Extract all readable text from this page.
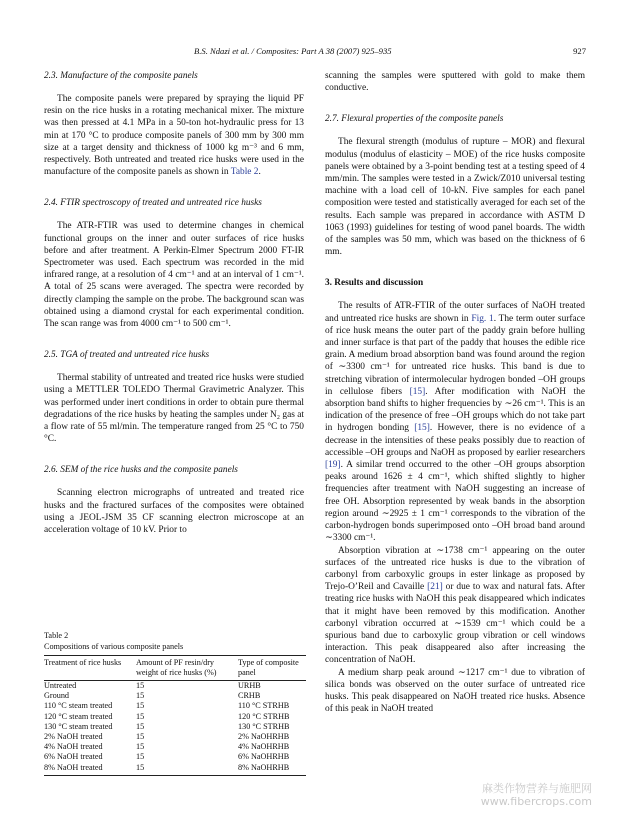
B.S. Ndazi et al. / Composites: Part A 38 (2007) 925–935	927
2.3. Manufacture of the composite panels

The composite panels were prepared by spraying the liquid PF resin on the rice husks in a rotating mechanical mixer. The mixture was then pressed at 4.1 MPa in a 50-ton hot-hydraulic press for 13 min at 170 °C to produce composite panels of 300 mm by 300 mm size at a target density and thickness of 1000 kg m⁻³ and 6 mm, respectively. Both untreated and treated rice husks were used in the manufacture of the composite panels as shown in Table 2.

2.4. FTIR spectroscopy of treated and untreated rice husks

The ATR-FTIR was used to determine changes in chemical functional groups on the inner and outer surfaces of rice husks before and after treatment. A Perkin-Elmer Spectrum 2000 FT-IR Spectrometer was used. Each spectrum was recorded in the mid infrared range, at a resolution of 4 cm⁻¹ and at an interval of 1 cm⁻¹. A total of 25 scans were averaged. The spectra were recorded by directly clamping the sample on the probe. The background scan was obtained using a diamond crystal for each experimental condition. The scan range was from 4000 cm⁻¹ to 500 cm⁻¹.

2.5. TGA of treated and untreated rice husks

Thermal stability of untreated and treated rice husks were studied using a METTLER TOLEDO Thermal Gravimetric Analyzer. This was performed under inert conditions in order to obtain pure thermal degradations of the rice husks by heating the samples under N₂ gas at a flow rate of 55 ml/min. The temperature ranged from 25 °C to 750 °C.

2.6. SEM of the rice husks and the composite panels

Scanning electron micrographs of untreated and treated rice husks and the fractured surfaces of the composites were obtained using a JEOL-JSM 35 CF scanning electron microscope at an acceleration voltage of 10 kV. Prior to

Table 2
Compositions of various composite panels
Treatment of rice husks	Amount of PF resin/dry weight of rice husks (%)	Type of composite panel
Untreated	15	URHB
Ground	15	CRHB
110 °C steam treated	15	110 °C STRHB
120 °C steam treated	15	120 °C STRHB
130 °C steam treated	15	130 °C STRHB
2% NaOH treated	15	2% NaOHRHB
4% NaOH treated	15	4% NaOHRHB
6% NaOH treated	15	6% NaOHRHB
8% NaOH treated	15	8% NaOHRHB

scanning the samples were sputtered with gold to make them conductive.

2.7. Flexural properties of the composite panels

The flexural strength (modulus of rupture – MOR) and flexural modulus (modulus of elasticity – MOE) of the rice husks composite panels were obtained by a 3-point bending test at a testing speed of 4 mm/min. The samples were tested in a Zwick/Z010 universal testing machine with a load cell of 10-kN. Five samples for each panel composition were tested and statistically averaged for each set of the results. Each sample was prepared in accordance with ASTM D 1063 (1993) guidelines for testing of wood panel boards. The width of the samples was 50 mm, which was based on the thickness of 6 mm.

3. Results and discussion

The results of ATR-FTIR of the outer surfaces of NaOH treated and untreated rice husks are shown in Fig. 1. The term outer surface of rice husk means the outer part of the paddy grain before hulling and inner surface is that part of the paddy that houses the edible rice grain. A medium broad absorption band was found around the region of ∼3300 cm⁻¹ for untreated rice husks. This band is due to stretching vibration of intermolecular hydrogen bonded –OH groups in cellulose fibers [15]. After modification with NaOH the absorption band shifts to higher frequencies by ∼26 cm⁻¹. This is an indication of the presence of free –OH groups which do not take part in hydrogen bonding [15]. However, there is no evidence of a decrease in the intensities of these peaks possibly due to reaction of accessible –OH groups and NaOH as proposed by earlier researchers [19]. A similar trend occurred to the other –OH groups absorption peaks around 1626 ± 4 cm⁻¹, which shifted slightly to higher frequencies after treatment with NaOH suggesting an increase of free OH. Absorption represented by weak bands in the absorption region around ∼2925 ± 1 cm⁻¹ corresponds to the vibration of the carbon-hydrogen bonds superimposed onto –OH broad band around ∼3300 cm⁻¹.

Absorption vibration at ∼1738 cm⁻¹ appearing on the outer surfaces of the untreated rice husks is due to the vibration of carbonyl from carboxylic groups in ester linkage as proposed by Trejo-O’Reil and Cavaille [21] or due to wax and natural fats. After treating rice husks with NaOH this peak disappeared which indicates that it might have been removed by this modification. Another carbonyl vibration occurred at ∼1539 cm⁻¹ which could be a spurious band due to carboxylic group vibration or cell windows interaction. This peak disappeared also after increasing the concentration of NaOH.

A medium sharp peak around ∼1217 cm⁻¹ due to vibration of silica bonds was observed on the outer surface of untreated rice husks. This peak disappeared on NaOH treated rice husks. Absence of this peak in NaOH treated

麻类作物营养与施肥网
www.fibercrops.com
